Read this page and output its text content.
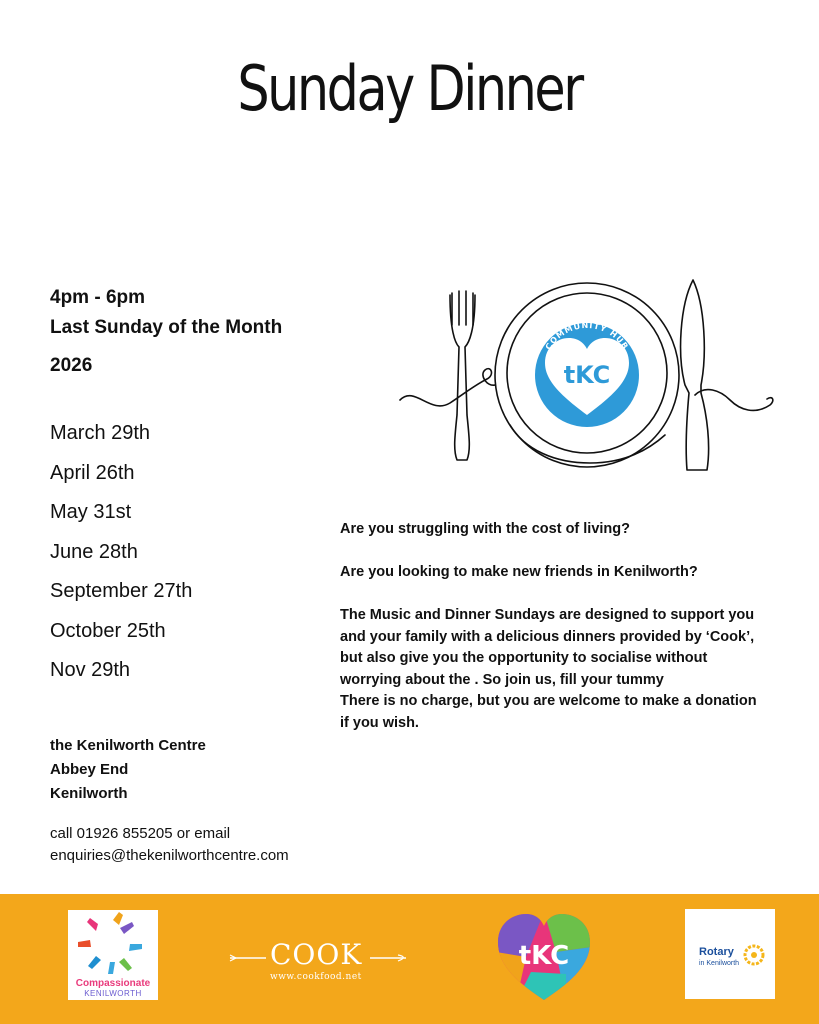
Sunday Dinner
4pm - 6pm
Last Sunday of the Month
2026
March 29th
April 26th
May 31st
June 28th
September 27th
October 25th
Nov 29th
the Kenilworth Centre
Abbey End
Kenilworth
call 01926 855205 or email
enquiries@thekenilworthcentre.com
tKC
COMMUNITY HUB

Are you struggling with the cost of living?

Are you looking to make new friends in Kenilworth?

The Music and Dinner Sundays are designed to support you and your family with a delicious dinners provided by ‘Cook’, but also give you the opportunity to socialise without worrying about the . So join us, fill your tummy

There is no charge, but you are welcome to make a donation if you wish.

Compassionate
KENILWORTH
Rotary
in Kenilworth
COOK
www.cookfood.net
tKC
